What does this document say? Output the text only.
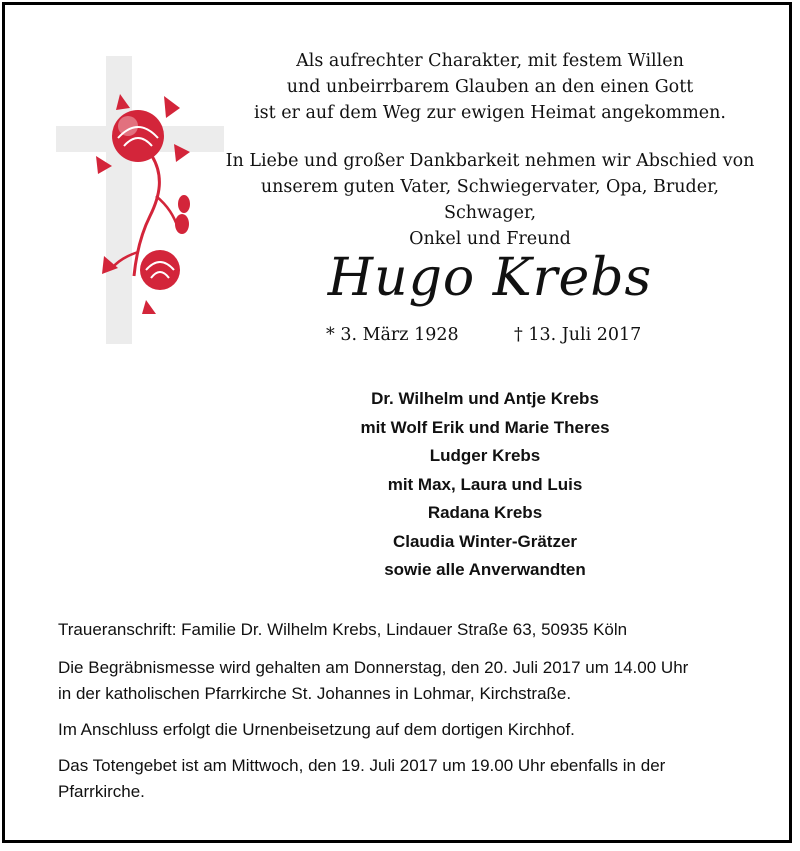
Als aufrechter Charakter, mit festem Willen

und unbeirrbarem Glauben an den einen Gott

ist er auf dem Weg zur ewigen Heimat angekommen.

In Liebe und großer Dankbarkeit nehmen wir Abschied von

unserem guten Vater, Schwiegervater, Opa, Bruder, Schwager,

Onkel und Freund

Hugo Krebs
* 3. März 1928	† 13. Juli 2017
Dr. Wilhelm und Antje Krebs
mit Wolf Erik und Marie Theres
Ludger Krebs
mit Max, Laura und Luis
Radana Krebs
Claudia Winter-Grätzer
sowie alle Anverwandten
Traueranschrift: Familie Dr. Wilhelm Krebs, Lindauer Straße 63, 50935 Köln
Die Begräbnismesse wird gehalten am Donnerstag, den 20. Juli 2017 um 14.00 Uhr
in der katholischen Pfarrkirche St. Johannes in Lohmar, Kirchstraße.
Im Anschluss erfolgt die Urnenbeisetzung auf dem dortigen Kirchhof.
Das Totengebet ist am Mittwoch, den 19. Juli 2017 um 19.00 Uhr ebenfalls in der
Pfarrkirche.
